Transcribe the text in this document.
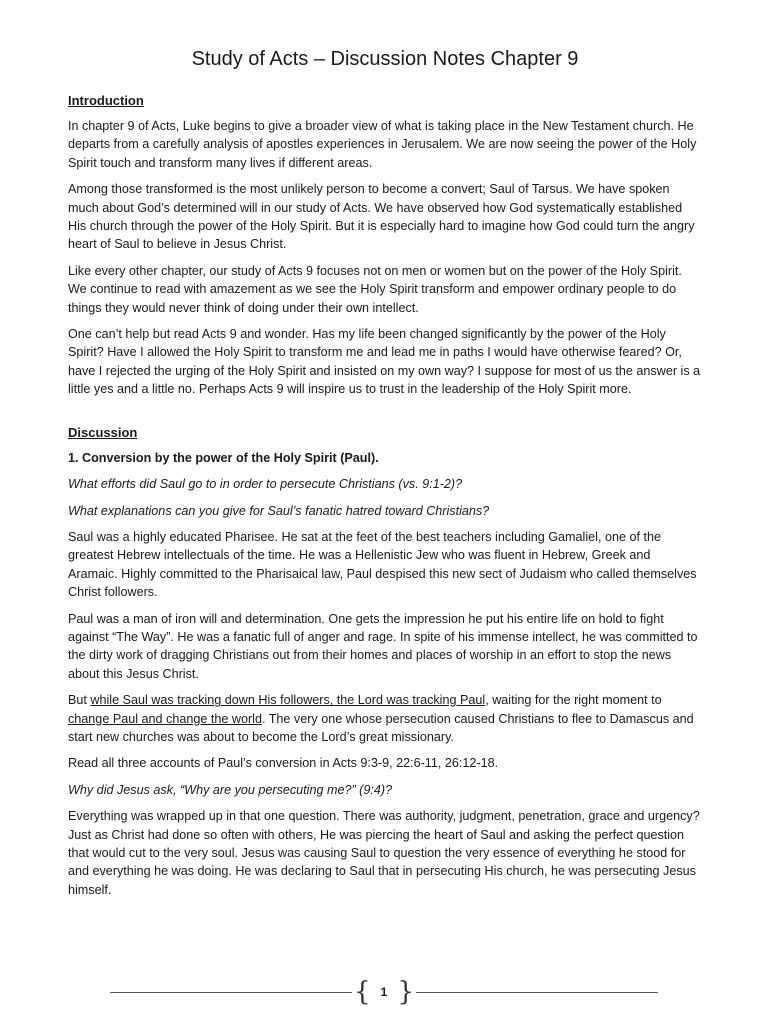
Study of Acts – Discussion Notes Chapter 9
Introduction

In chapter 9 of Acts, Luke begins to give a broader view of what is taking place in the New Testament church. He departs from a carefully analysis of apostles experiences in Jerusalem. We are now seeing the power of the Holy Spirit touch and transform many lives if different areas.

Among those transformed is the most unlikely person to become a convert; Saul of Tarsus. We have spoken much about God’s determined will in our study of Acts. We have observed how God systematically established His church through the power of the Holy Spirit. But it is especially hard to imagine how God could turn the angry heart of Saul to believe in Jesus Christ.

Like every other chapter, our study of Acts 9 focuses not on men or women but on the power of the Holy Spirit. We continue to read with amazement as we see the Holy Spirit transform and empower ordinary people to do things they would never think of doing under their own intellect.

One can’t help but read Acts 9 and wonder. Has my life been changed significantly by the power of the Holy Spirit? Have I allowed the Holy Spirit to transform me and lead me in paths I would have otherwise feared? Or, have I rejected the urging of the Holy Spirit and insisted on my own way? I suppose for most of us the answer is a little yes and a little no. Perhaps Acts 9 will inspire us to trust in the leadership of the Holy Spirit more.

Discussion

1. Conversion by the power of the Holy Spirit (Paul).

What efforts did Saul go to in order to persecute Christians (vs. 9:1-2)?

What explanations can you give for Saul’s fanatic hatred toward Christians?

Saul was a highly educated Pharisee. He sat at the feet of the best teachers including Gamaliel, one of the greatest Hebrew intellectuals of the time. He was a Hellenistic Jew who was fluent in Hebrew, Greek and Aramaic. Highly committed to the Pharisaical law, Paul despised this new sect of Judaism who called themselves Christ followers.

Paul was a man of iron will and determination. One gets the impression he put his entire life on hold to fight against “The Way”. He was a fanatic full of anger and rage. In spite of his immense intellect, he was committed to the dirty work of dragging Christians out from their homes and places of worship in an effort to stop the news about this Jesus Christ.

But while Saul was tracking down His followers, the Lord was tracking Paul, waiting for the right moment to change Paul and change the world. The very one whose persecution caused Christians to flee to Damascus and start new churches was about to become the Lord’s great missionary.

Read all three accounts of Paul’s conversion in Acts 9:3-9, 22:6-11, 26:12-18.

Why did Jesus ask, “Why are you persecuting me?” (9:4)?

Everything was wrapped up in that one question. There was authority, judgment, penetration, grace and urgency? Just as Christ had done so often with others, He was piercing the heart of Saul and asking the perfect question that would cut to the very soul. Jesus was causing Saul to question the very essence of everything he stood for and everything he was doing. He was declaring to Saul that in persecuting His church, he was persecuting Jesus himself.

{ }
1
